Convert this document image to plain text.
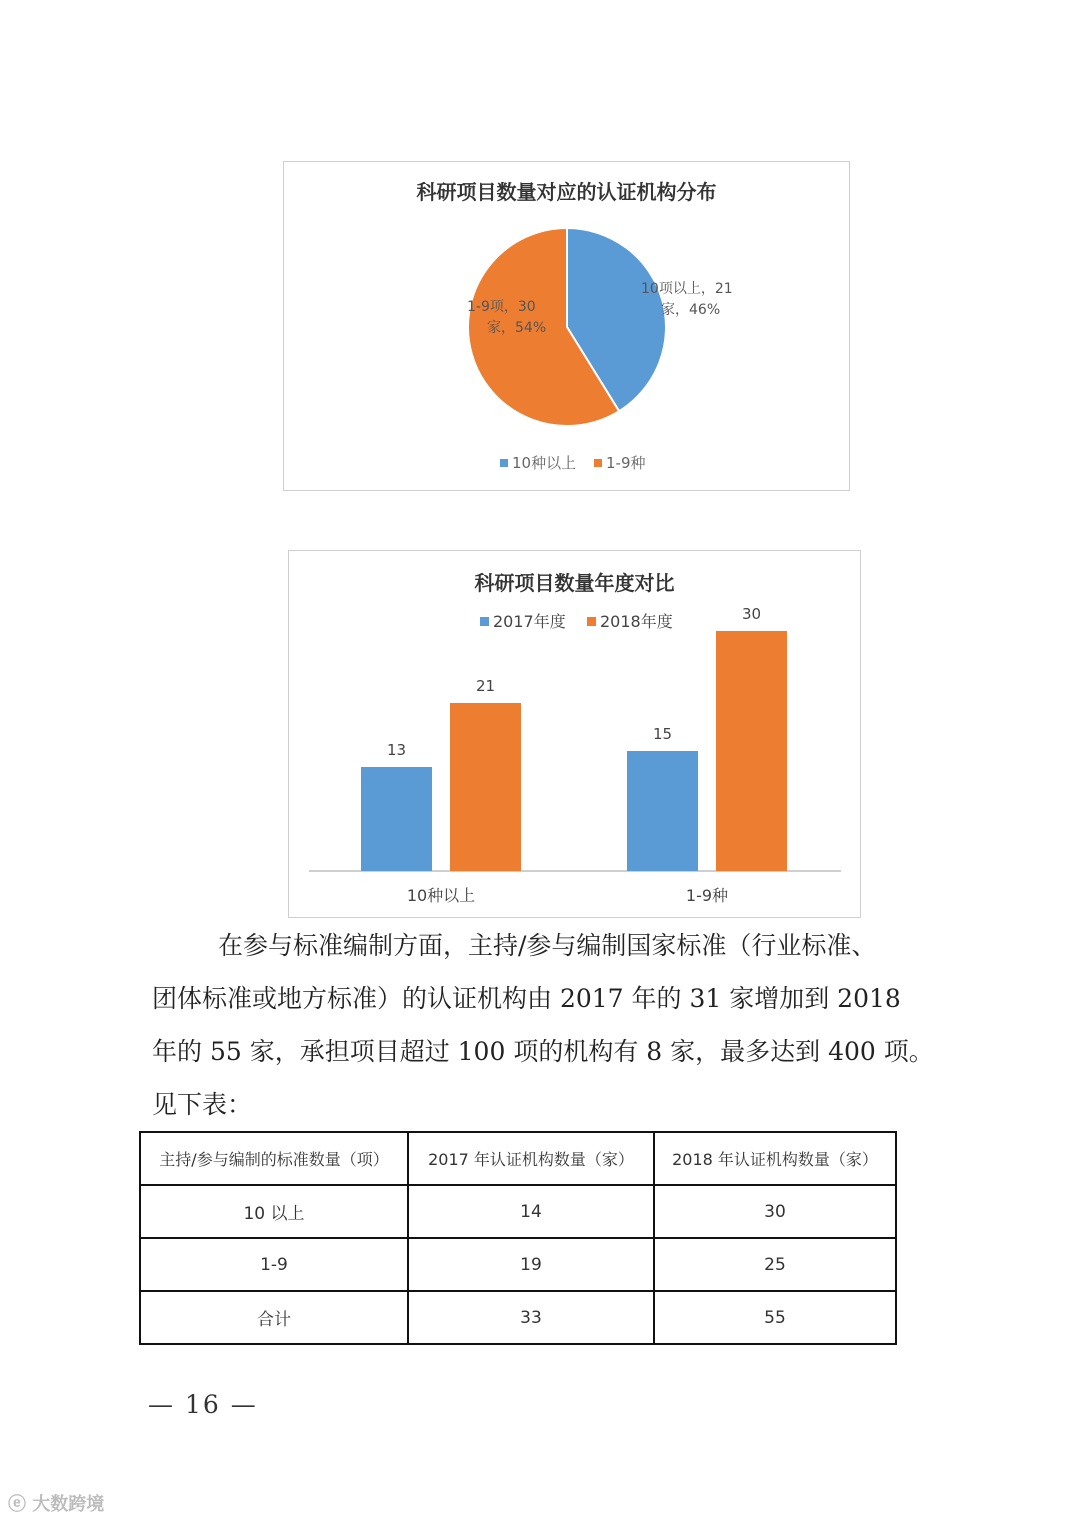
科研项目数量对应的认证机构分布
10项以上，21
家，46%
1-9项，30
家，54%
10种以上 1-9种
科研项目数量年度对比
13
21
10种以上
15
30
1-9种
2017年度 2018年度
在参与标准编制方面，主持/参与编制国家标准（行业标准、
团体标准或地方标准）的认证机构由 2017 年的 31 家增加到 2018
年的 55 家，承担项目超过 100 项的机构有 8 家，最多达到 400 项。
见下表：
主持/参与编制的标准数量（项）	2017 年认证机构数量（家）	2018 年认证机构数量（家）
10 以上	14	30
1-9	19	25
合计	33	55
— 16 —
ⓔ 大数跨境
